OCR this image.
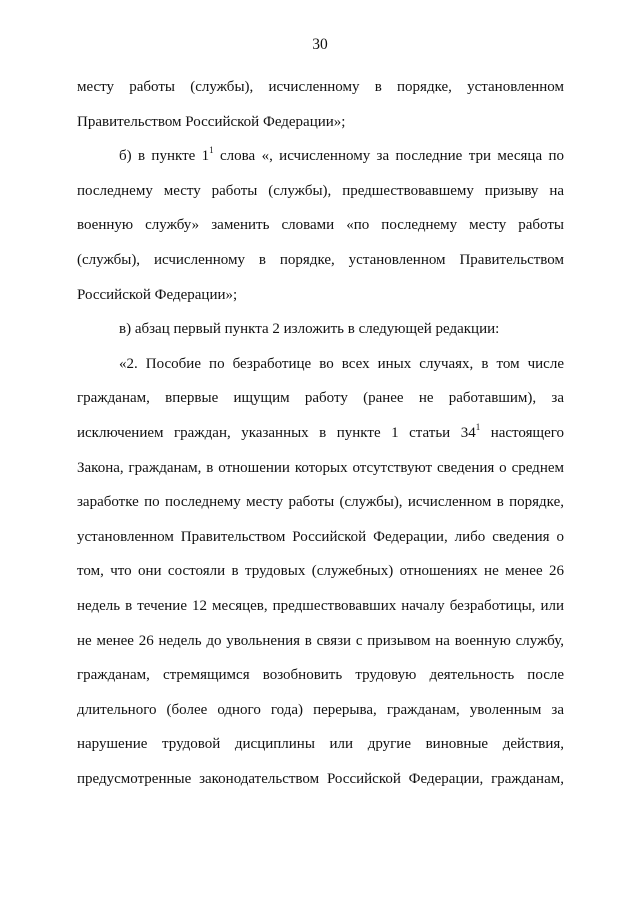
30
месту работы (службы), исчисленному в порядке, установленном
Правительством Российской Федерации»;
б) в пункте $1^1$ слова «, исчисленному за последние три месяца по
последнему месту работы (службы), предшествовавшему призыву на
военную службу» заменить словами «по последнему месту работы
(службы), исчисленному в порядке, установленном Правительством
Российской Федерации»;
в) абзац первый пункта 2 изложить в следующей редакции:
«2. Пособие по безработице во всех иных случаях, в том числе
гражданам, впервые ищущим работу (ранее не работавшим), за
исключением граждан, указанных в пункте 1 статьи $34^1$ настоящего
Закона, гражданам, в отношении которых отсутствуют сведения о среднем
заработке по последнему месту работы (службы), исчисленном в порядке,
установленном Правительством Российской Федерации, либо сведения о
том, что они состояли в трудовых (служебных) отношениях не менее 26
недель в течение 12 месяцев, предшествовавших началу безработицы, или
не менее 26 недель до увольнения в связи с призывом на военную службу,
гражданам, стремящимся возобновить трудовую деятельность после
длительного (более одного года) перерыва, гражданам, уволенным за
нарушение трудовой дисциплины или другие виновные действия,
предусмотренные законодательством Российской Федерации, гражданам,
